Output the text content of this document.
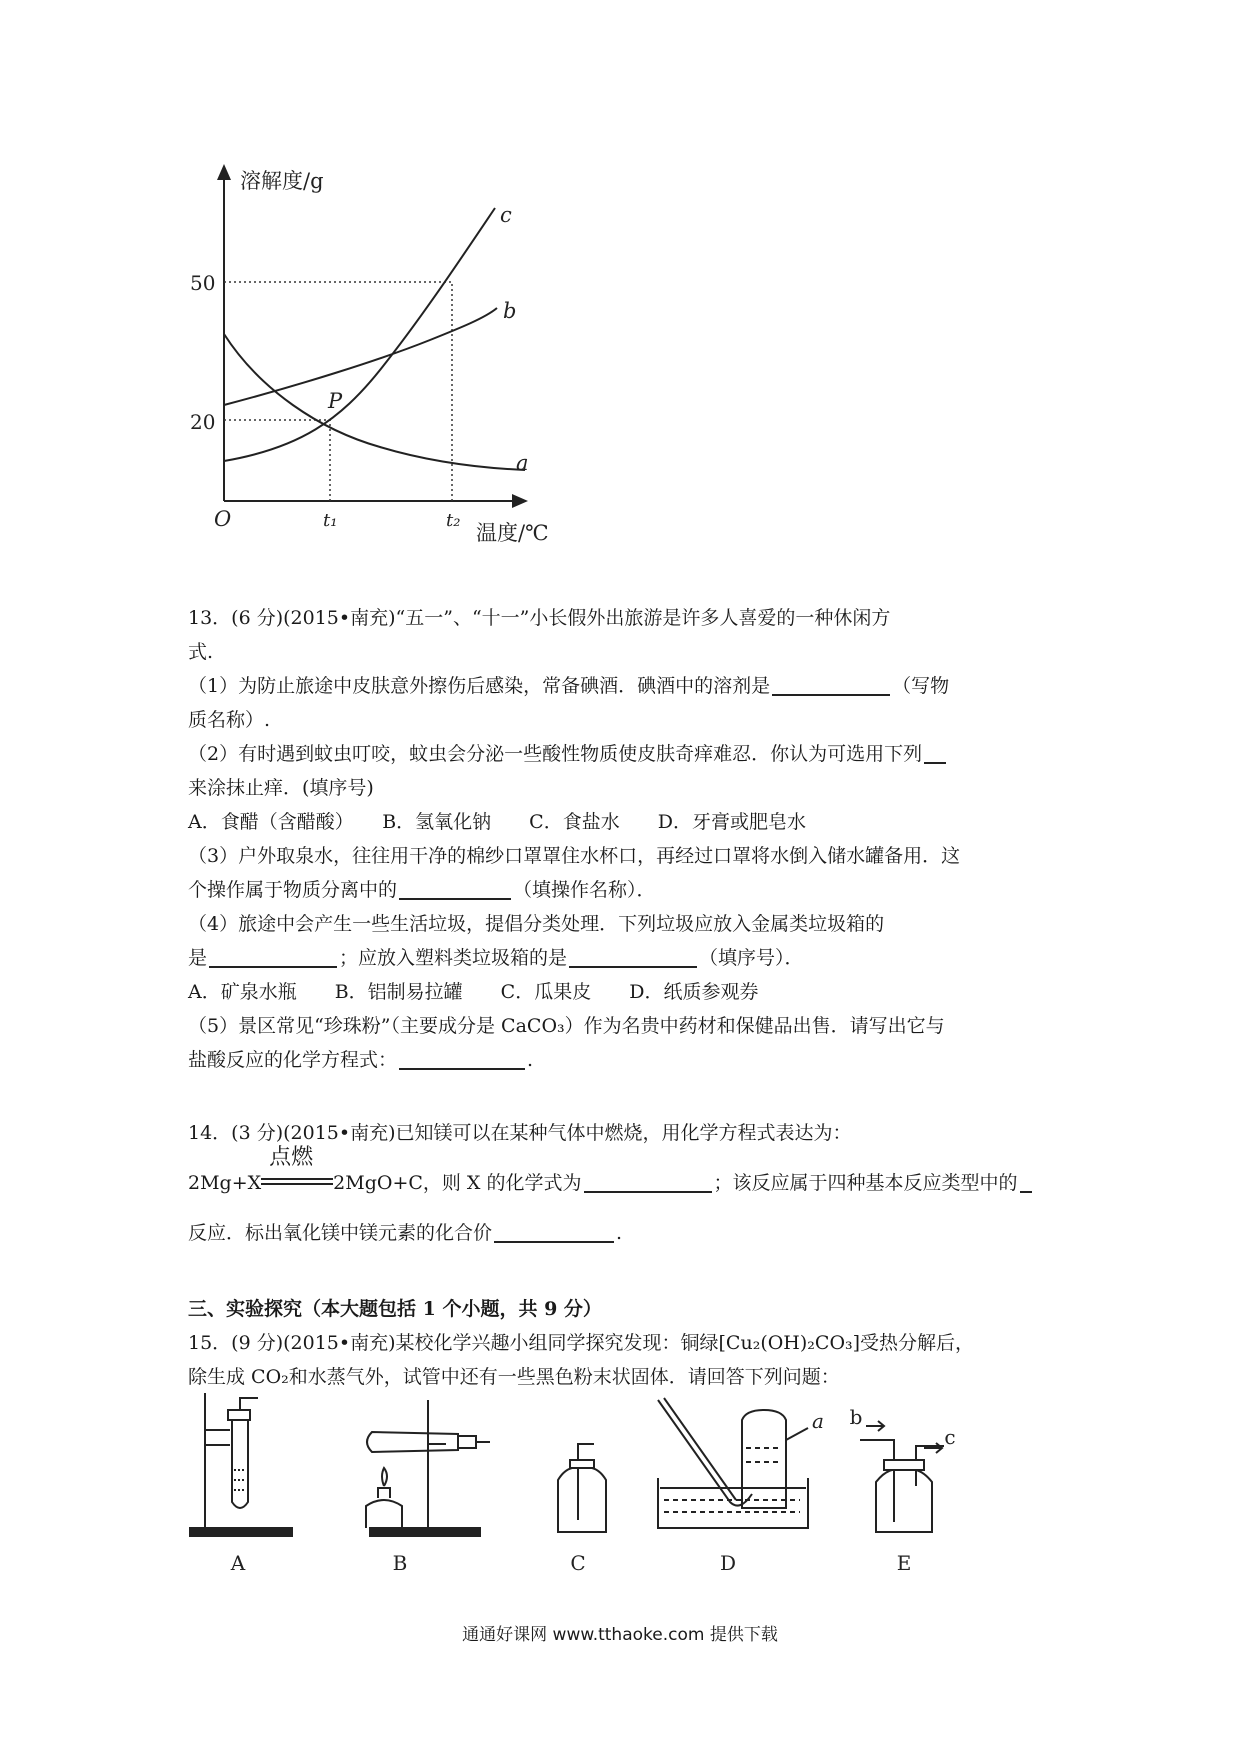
溶解度/g
温度/℃
O
50
20
t₁	t₂
a
b
c
P
13．(6 分)(2015•南充)“五一”、“十一”小长假外出旅游是许多人喜爱的一种休闲方
式.
（1）为防止旅途中皮肤意外擦伤后感染，常备碘酒．碘酒中的溶剂是	（写物
质名称）.
（2）有时遇到蚊虫叮咬，蚊虫会分泌一些酸性物质使皮肤奇痒难忍．你认为可选用下列
来涂抹止痒．(填序号)
A．食醋（含醋酸）　　B．氢氧化钠　　C．食盐水　　D．牙膏或肥皂水
（3）户外取泉水，往往用干净的棉纱口罩罩住水杯口，再经过口罩将水倒入储水罐备用．这
个操作属于物质分离中的	（填操作名称）．
（4）旅途中会产生一些生活垃圾，提倡分类处理．下列垃圾应放入金属类垃圾箱的
是	；应放入塑料类垃圾箱的是	（填序号）．
A．矿泉水瓶　　B．铝制易拉罐　　C．瓜果皮　　D．纸质参观券
（5）景区常见“珍珠粉”（主要成分是 CaCO₃）作为名贵中药材和保健品出售．请写出它与
盐酸反应的化学方程式：	.
14．(3 分)(2015•南充)已知镁可以在某种气体中燃烧，用化学方程式表达为：
2Mg+X
点燃
2MgO+C，则 X 的化学式为	；该反应属于四种基本反应类型中的
反应．标出氧化镁中镁元素的化合价	.
三、实验探究（本大题包括 1 个小题，共 9 分）
15．(9 分)(2015•南充)某校化学兴趣小组同学探究发现：铜绿[Cu₂(OH)₂CO₃]受热分解后，
除生成 CO₂和水蒸气外，试管中还有一些黑色粉末状固体．请回答下列问题：
A	B	C	D	E
a b
c
通通好课网 www.tthaoke.com 提供下载
